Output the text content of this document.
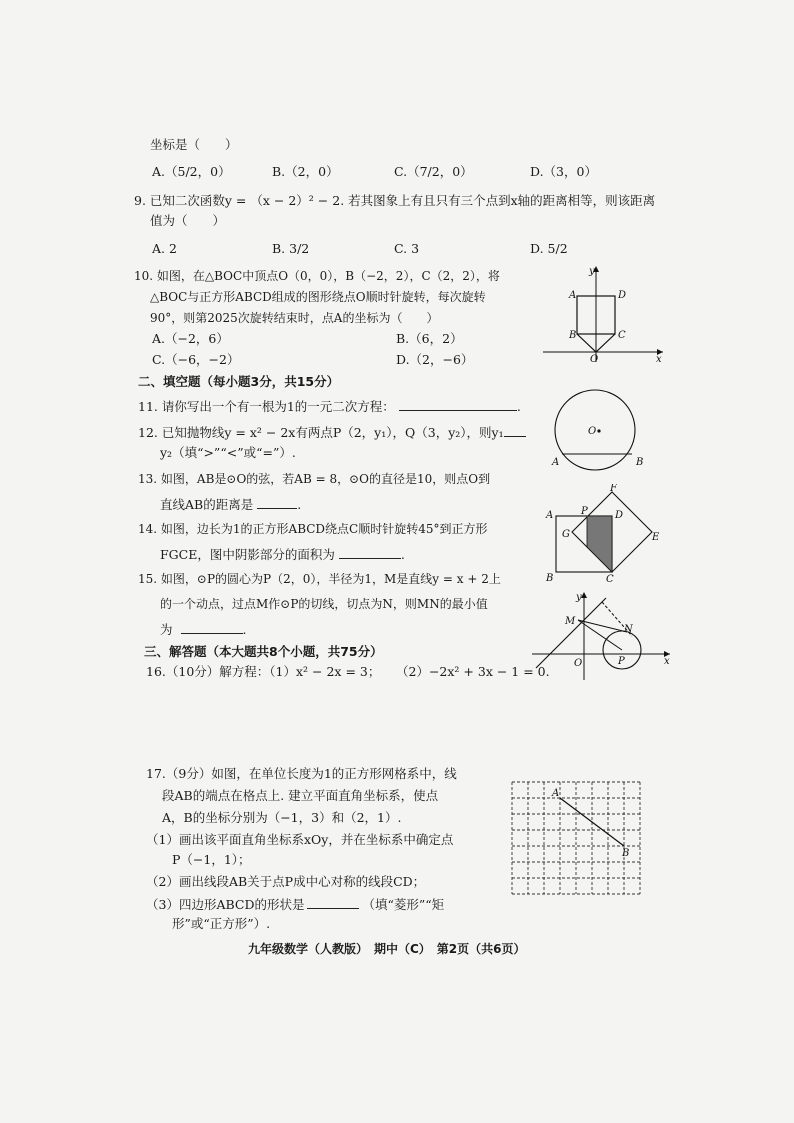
坐标是（　　）
A.（5/2，0）	B.（2，0）	C.（7/2，0）	D.（3，0）
9. 已知二次函数y = （x − 2）² − 2. 若其图象上有且只有三个点到x轴的距离相等，则该距离
值为（　　）
A. 2	B. 3/2	C. 3	D. 5/2
10. 如图，在△BOC中顶点O（0，0），B（−2，2），C（2，2），将
△BOC与正方形ABCD组成的图形绕点O顺时针旋转，每次旋转
90°，则第2025次旋转结束时，点A的坐标为（　　）
A.（−2，6）	B.（6，2）
C.（−6，−2）	D.（2，−6）
y
A	D
B	C
O	x
二、填空题（每小题3分，共15分）
11. 请你写出一个有一根为1的一元二次方程：	.
12. 已知抛物线y = x² − 2x有两点P（2，y₁），Q（3，y₂），则y₁
y₂（填“>”“<”或“=”）.
13. 如图，AB是⊙O的弦，若AB = 8，⊙O的直径是10，则点O到
直线AB的距离是	.
O
A	B
14. 如图，边长为1的正方形ABCD绕点C顺时针旋转45°到正方形
FGCE，图中阴影部分的面积为	.
F
A	P	D
G	E
B	C
15. 如图，⊙P的圆心为P（2，0），半径为1，M是直线y = x + 2上
的一个动点，过点M作⊙P的切线，切点为N，则MN的最小值
为	.
y
M
N
O	P	x
三、解答题（本大题共8个小题，共75分）
16.（10分）解方程：（1）x² − 2x = 3； （2）−2x² + 3x − 1 = 0.
17.（9分）如图，在单位长度为1的正方形网格系中，线
段AB的端点在格点上. 建立平面直角坐标系，使点
A，B的坐标分别为（−1，3）和（2，1）.
（1）画出该平面直角坐标系xOy，并在坐标系中确定点
P（−1，1）；
（2）画出线段AB关于点P成中心对称的线段CD；
（3）四边形ABCD的形状是	（填“菱形”“矩
形”或“正方形”）.
A
B
九年级数学（人教版）　期中（C）　第2页（共6页）
